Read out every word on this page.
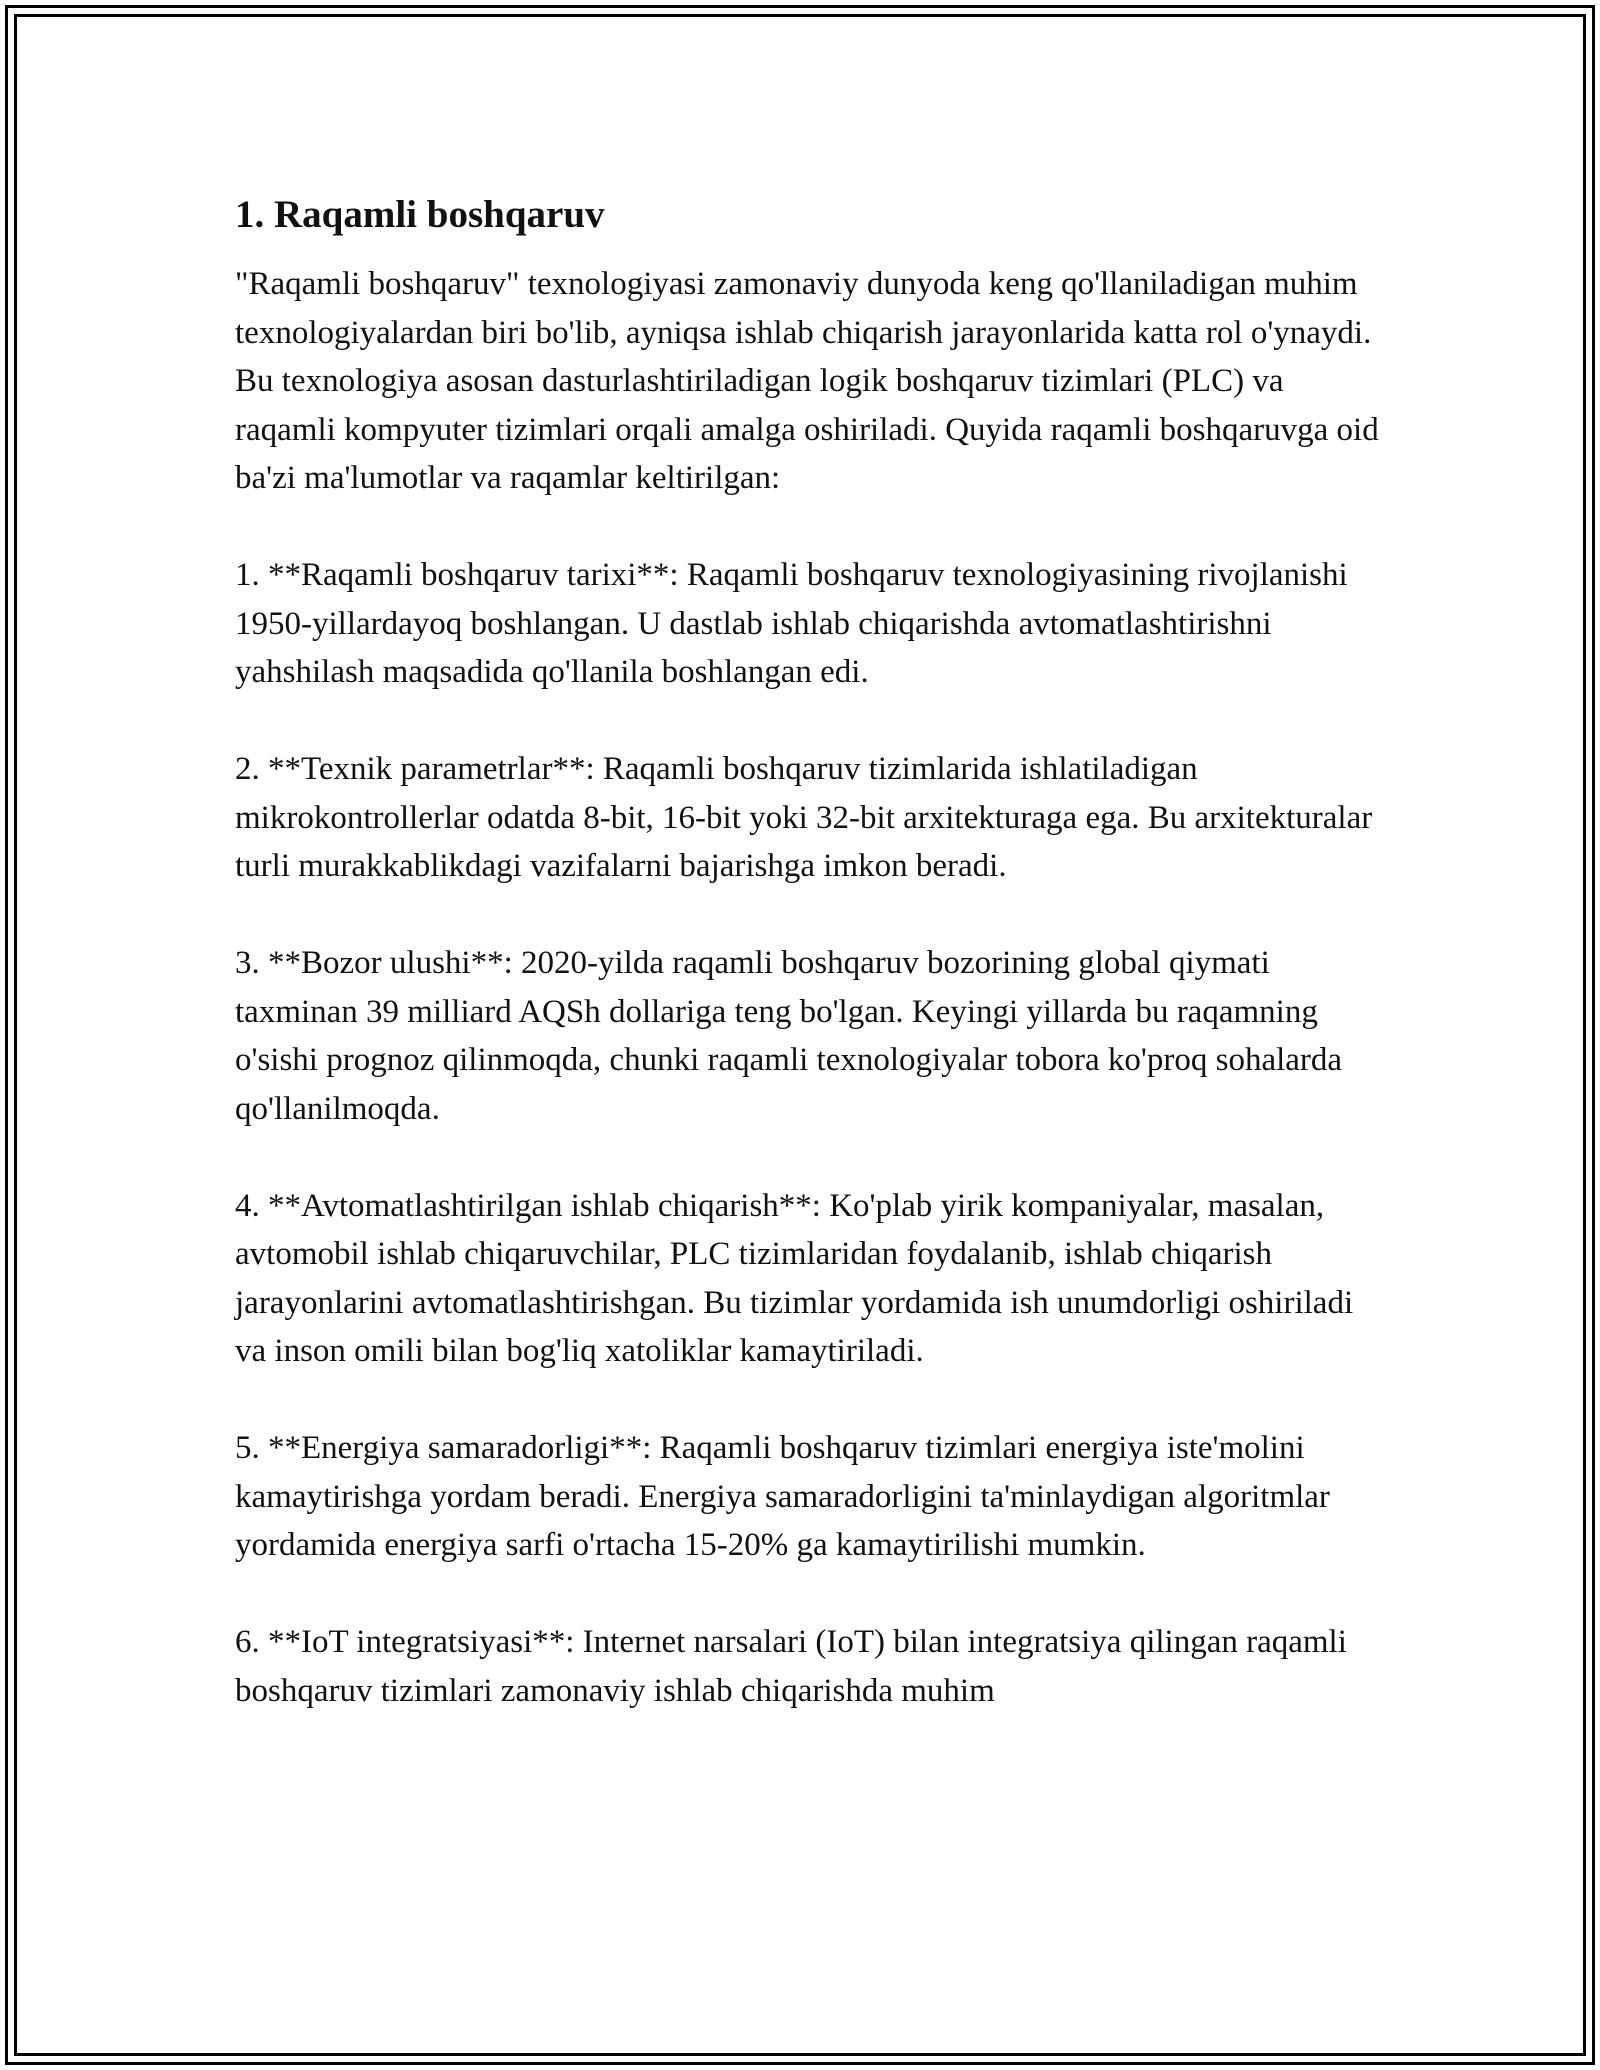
1. Raqamli boshqaruv

"Raqamli boshqaruv" texnologiyasi zamonaviy dunyoda keng qo'llaniladigan muhim texnologiyalardan biri bo'lib, ayniqsa ishlab chiqarish jarayonlarida katta rol o'ynaydi. Bu texnologiya asosan dasturlashtiriladigan logik boshqaruv tizimlari (PLC) va raqamli kompyuter tizimlari orqali amalga oshiriladi. Quyida raqamli boshqaruvga oid ba'zi ma'lumotlar va raqamlar keltirilgan:

1. **Raqamli boshqaruv tarixi**: Raqamli boshqaruv texnologiyasining rivojlanishi 1950-yillardayoq boshlangan. U dastlab ishlab chiqarishda avtomatlashtirishni yahshilash maqsadida qo'llanila boshlangan edi.

2. **Texnik parametrlar**: Raqamli boshqaruv tizimlarida ishlatiladigan mikrokontrollerlar odatda 8-bit, 16-bit yoki 32-bit arxitekturaga ega. Bu arxitekturalar turli murakkablikdagi vazifalarni bajarishga imkon beradi.

3. **Bozor ulushi**: 2020-yilda raqamli boshqaruv bozorining global qiymati taxminan 39 milliard AQSh dollariga teng bo'lgan. Keyingi yillarda bu raqamning o'sishi prognoz qilinmoqda, chunki raqamli texnologiyalar tobora ko'proq sohalarda qo'llanilmoqda.

4. **Avtomatlashtirilgan ishlab chiqarish**: Ko'plab yirik kompaniyalar, masalan, avtomobil ishlab chiqaruvchilar, PLC tizimlaridan foydalanib, ishlab chiqarish jarayonlarini avtomatlashtirishgan. Bu tizimlar yordamida ish unumdorligi oshiriladi va inson omili bilan bog'liq xatoliklar kamaytiriladi.

5. **Energiya samaradorligi**: Raqamli boshqaruv tizimlari energiya iste'molini kamaytirishga yordam beradi. Energiya samaradorligini ta'minlaydigan algoritmlar yordamida energiya sarfi o'rtacha 15-20% ga kamaytirilishi mumkin.

6. **IoT integratsiyasi**: Internet narsalari (IoT) bilan integratsiya qilingan raqamli boshqaruv tizimlari zamonaviy ishlab chiqarishda muhim
